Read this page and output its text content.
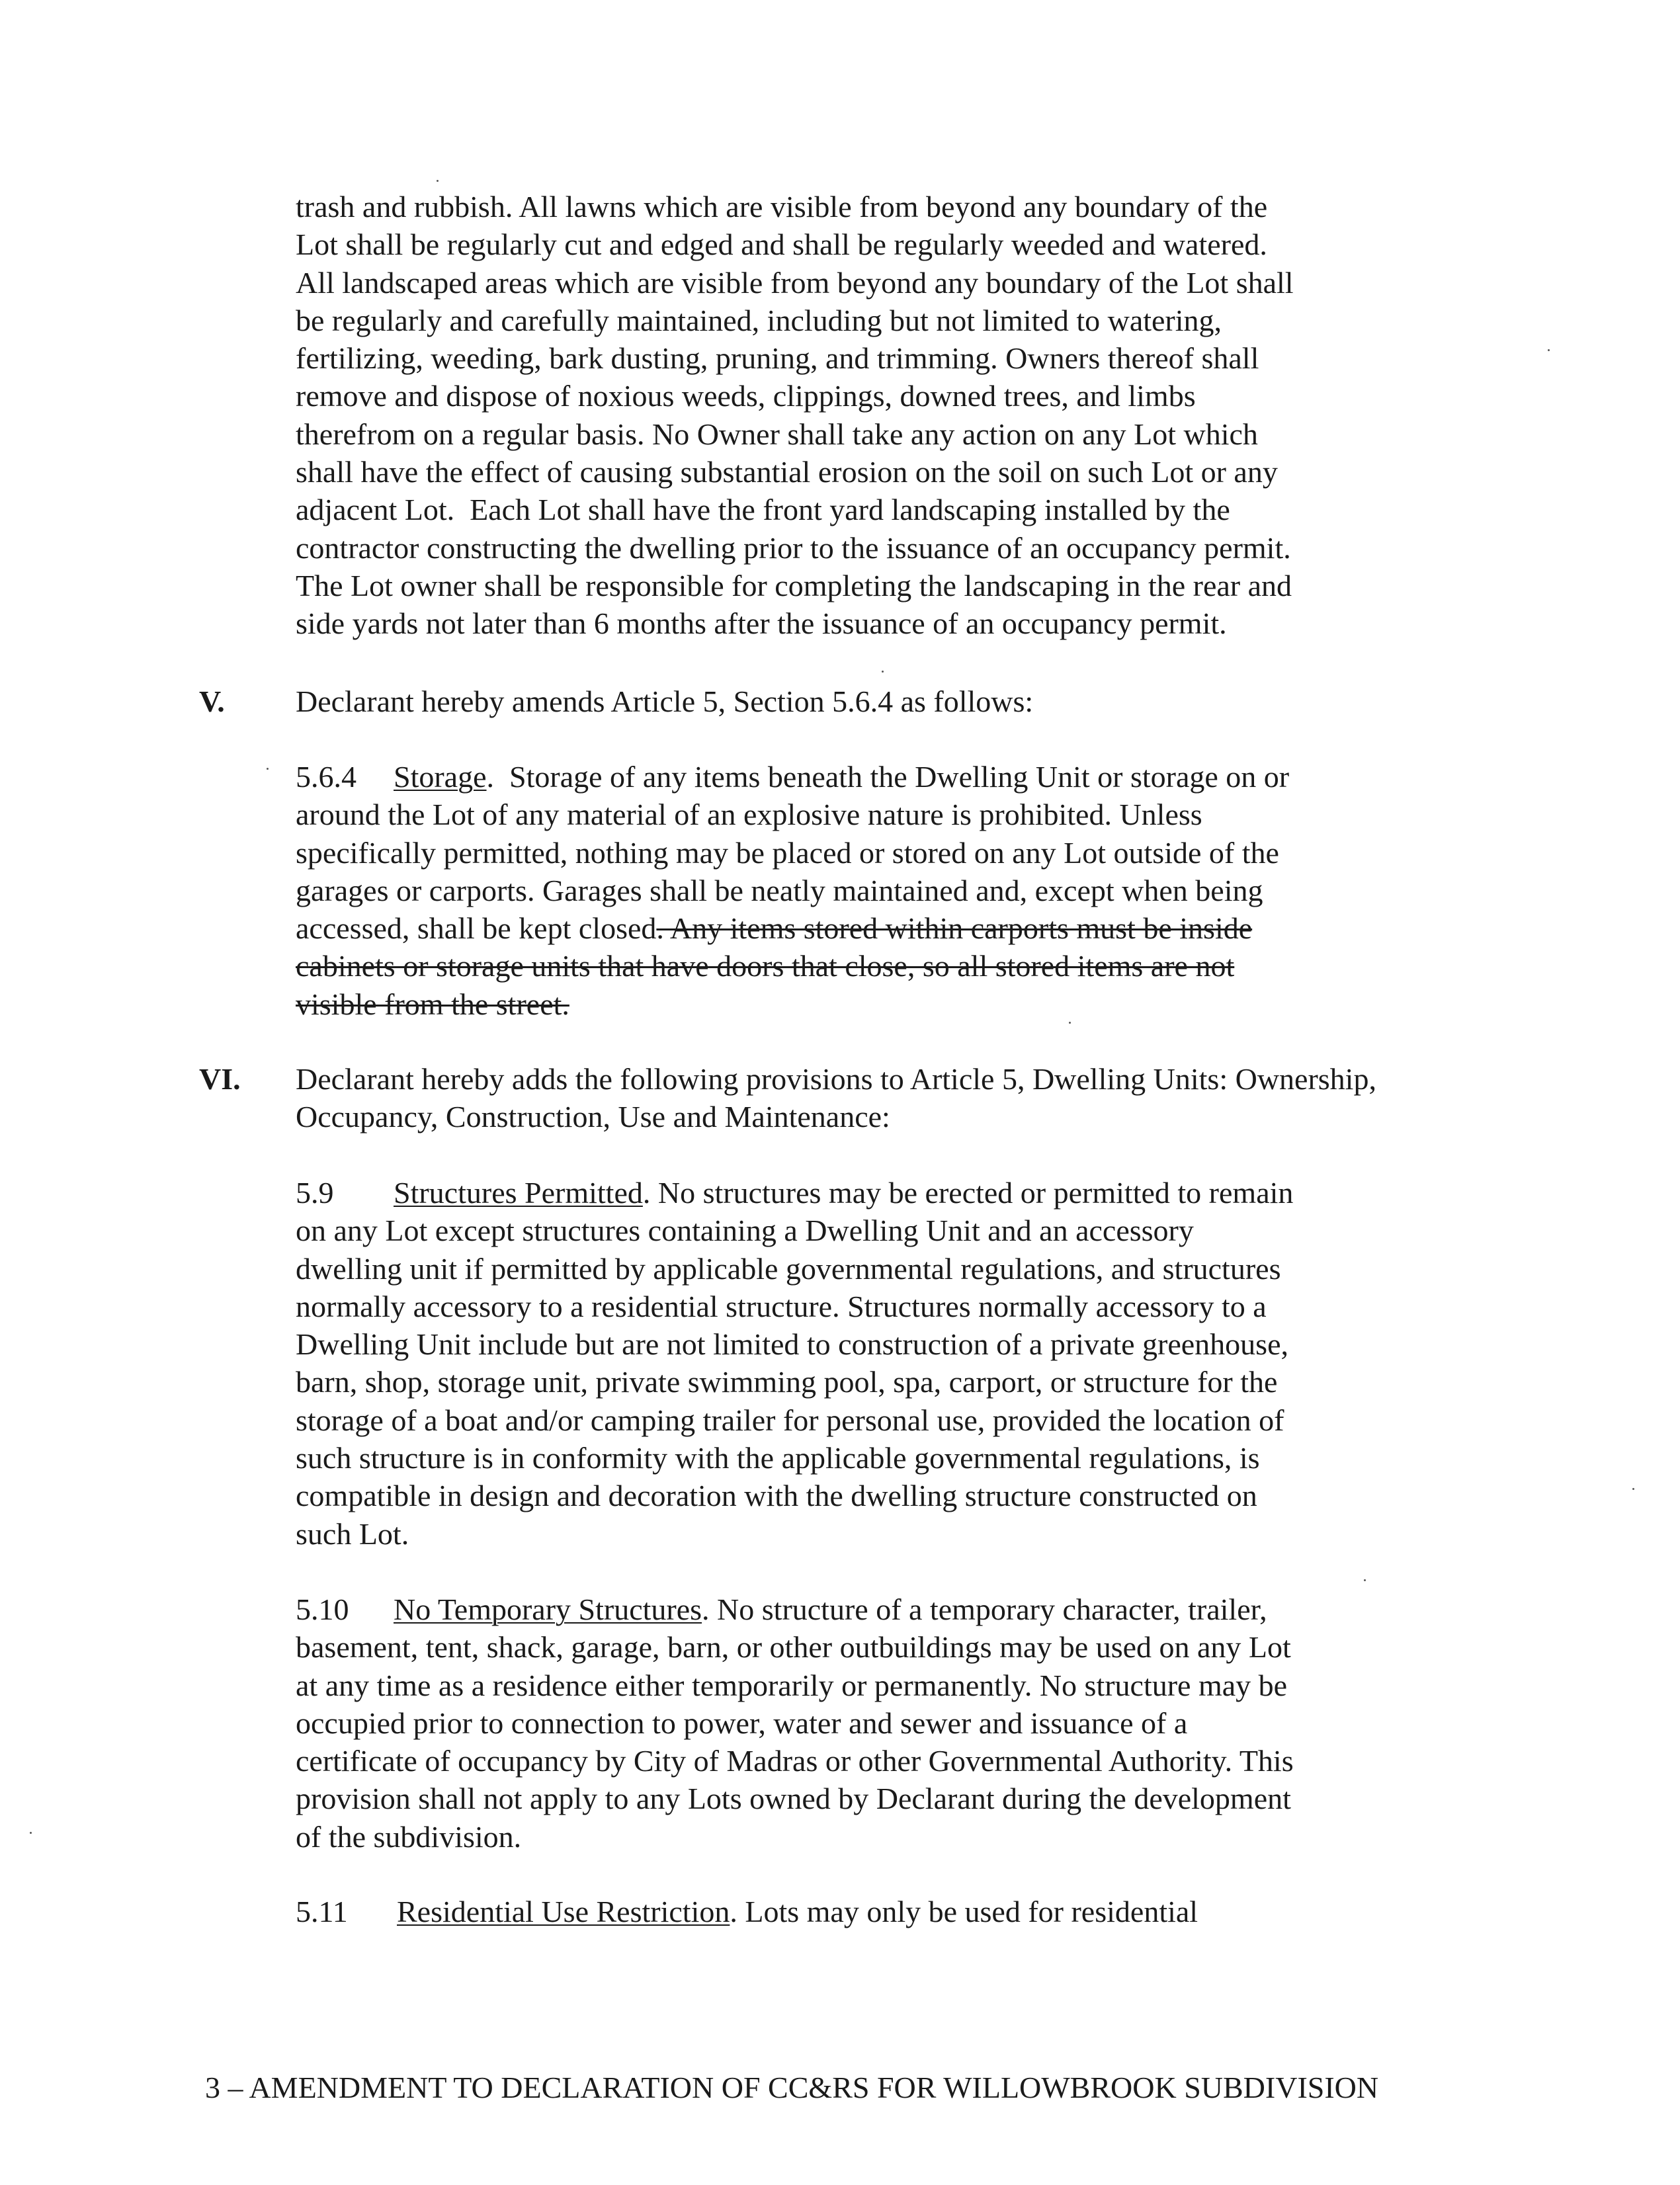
trash and rubbish. All lawns which are visible from beyond any boundary of the
Lot shall be regularly cut and edged and shall be regularly weeded and watered.
All landscaped areas which are visible from beyond any boundary of the Lot shall
be regularly and carefully maintained, including but not limited to watering,
fertilizing, weeding, bark dusting, pruning, and trimming. Owners thereof shall
remove and dispose of noxious weeds, clippings, downed trees, and limbs
therefrom on a regular basis. No Owner shall take any action on any Lot which
shall have the effect of causing substantial erosion on the soil on such Lot or any
adjacent Lot.  Each Lot shall have the front yard landscaping installed by the
contractor constructing the dwelling prior to the issuance of an occupancy permit.
The Lot owner shall be responsible for completing the landscaping in the rear and
side yards not later than 6 months after the issuance of an occupancy permit.
V. Declarant hereby amends Article 5, Section 5.6.4 as follows:
5.6.4 Storage.  Storage of any items beneath the Dwelling Unit or storage on or
around the Lot of any material of an explosive nature is prohibited. Unless
specifically permitted, nothing may be placed or stored on any Lot outside of the
garages or carports. Garages shall be neatly maintained and, except when being
accessed, shall be kept closed. Any items stored within carports must be inside
cabinets or storage units that have doors that close, so all stored items are not
visible from the street.
VI. Declarant hereby adds the following provisions to Article 5, Dwelling Units: Ownership,
Occupancy, Construction, Use and Maintenance:
5.9 Structures Permitted. No structures may be erected or permitted to remain
on any Lot except structures containing a Dwelling Unit and an accessory
dwelling unit if permitted by applicable governmental regulations, and structures
normally accessory to a residential structure. Structures normally accessory to a
Dwelling Unit include but are not limited to construction of a private greenhouse,
barn, shop, storage unit, private swimming pool, spa, carport, or structure for the
storage of a boat and/or camping trailer for personal use, provided the location of
such structure is in conformity with the applicable governmental regulations, is
compatible in design and decoration with the dwelling structure constructed on
such Lot.
5.10 No Temporary Structures. No structure of a temporary character, trailer,
basement, tent, shack, garage, barn, or other outbuildings may be used on any Lot
at any time as a residence either temporarily or permanently. No structure may be
occupied prior to connection to power, water and sewer and issuance of a
certificate of occupancy by City of Madras or other Governmental Authority. This
provision shall not apply to any Lots owned by Declarant during the development
of the subdivision.
5.11 Residential Use Restriction. Lots may only be used for residential
3 – AMENDMENT TO DECLARATION OF CC&RS FOR WILLOWBROOK SUBDIVISION
